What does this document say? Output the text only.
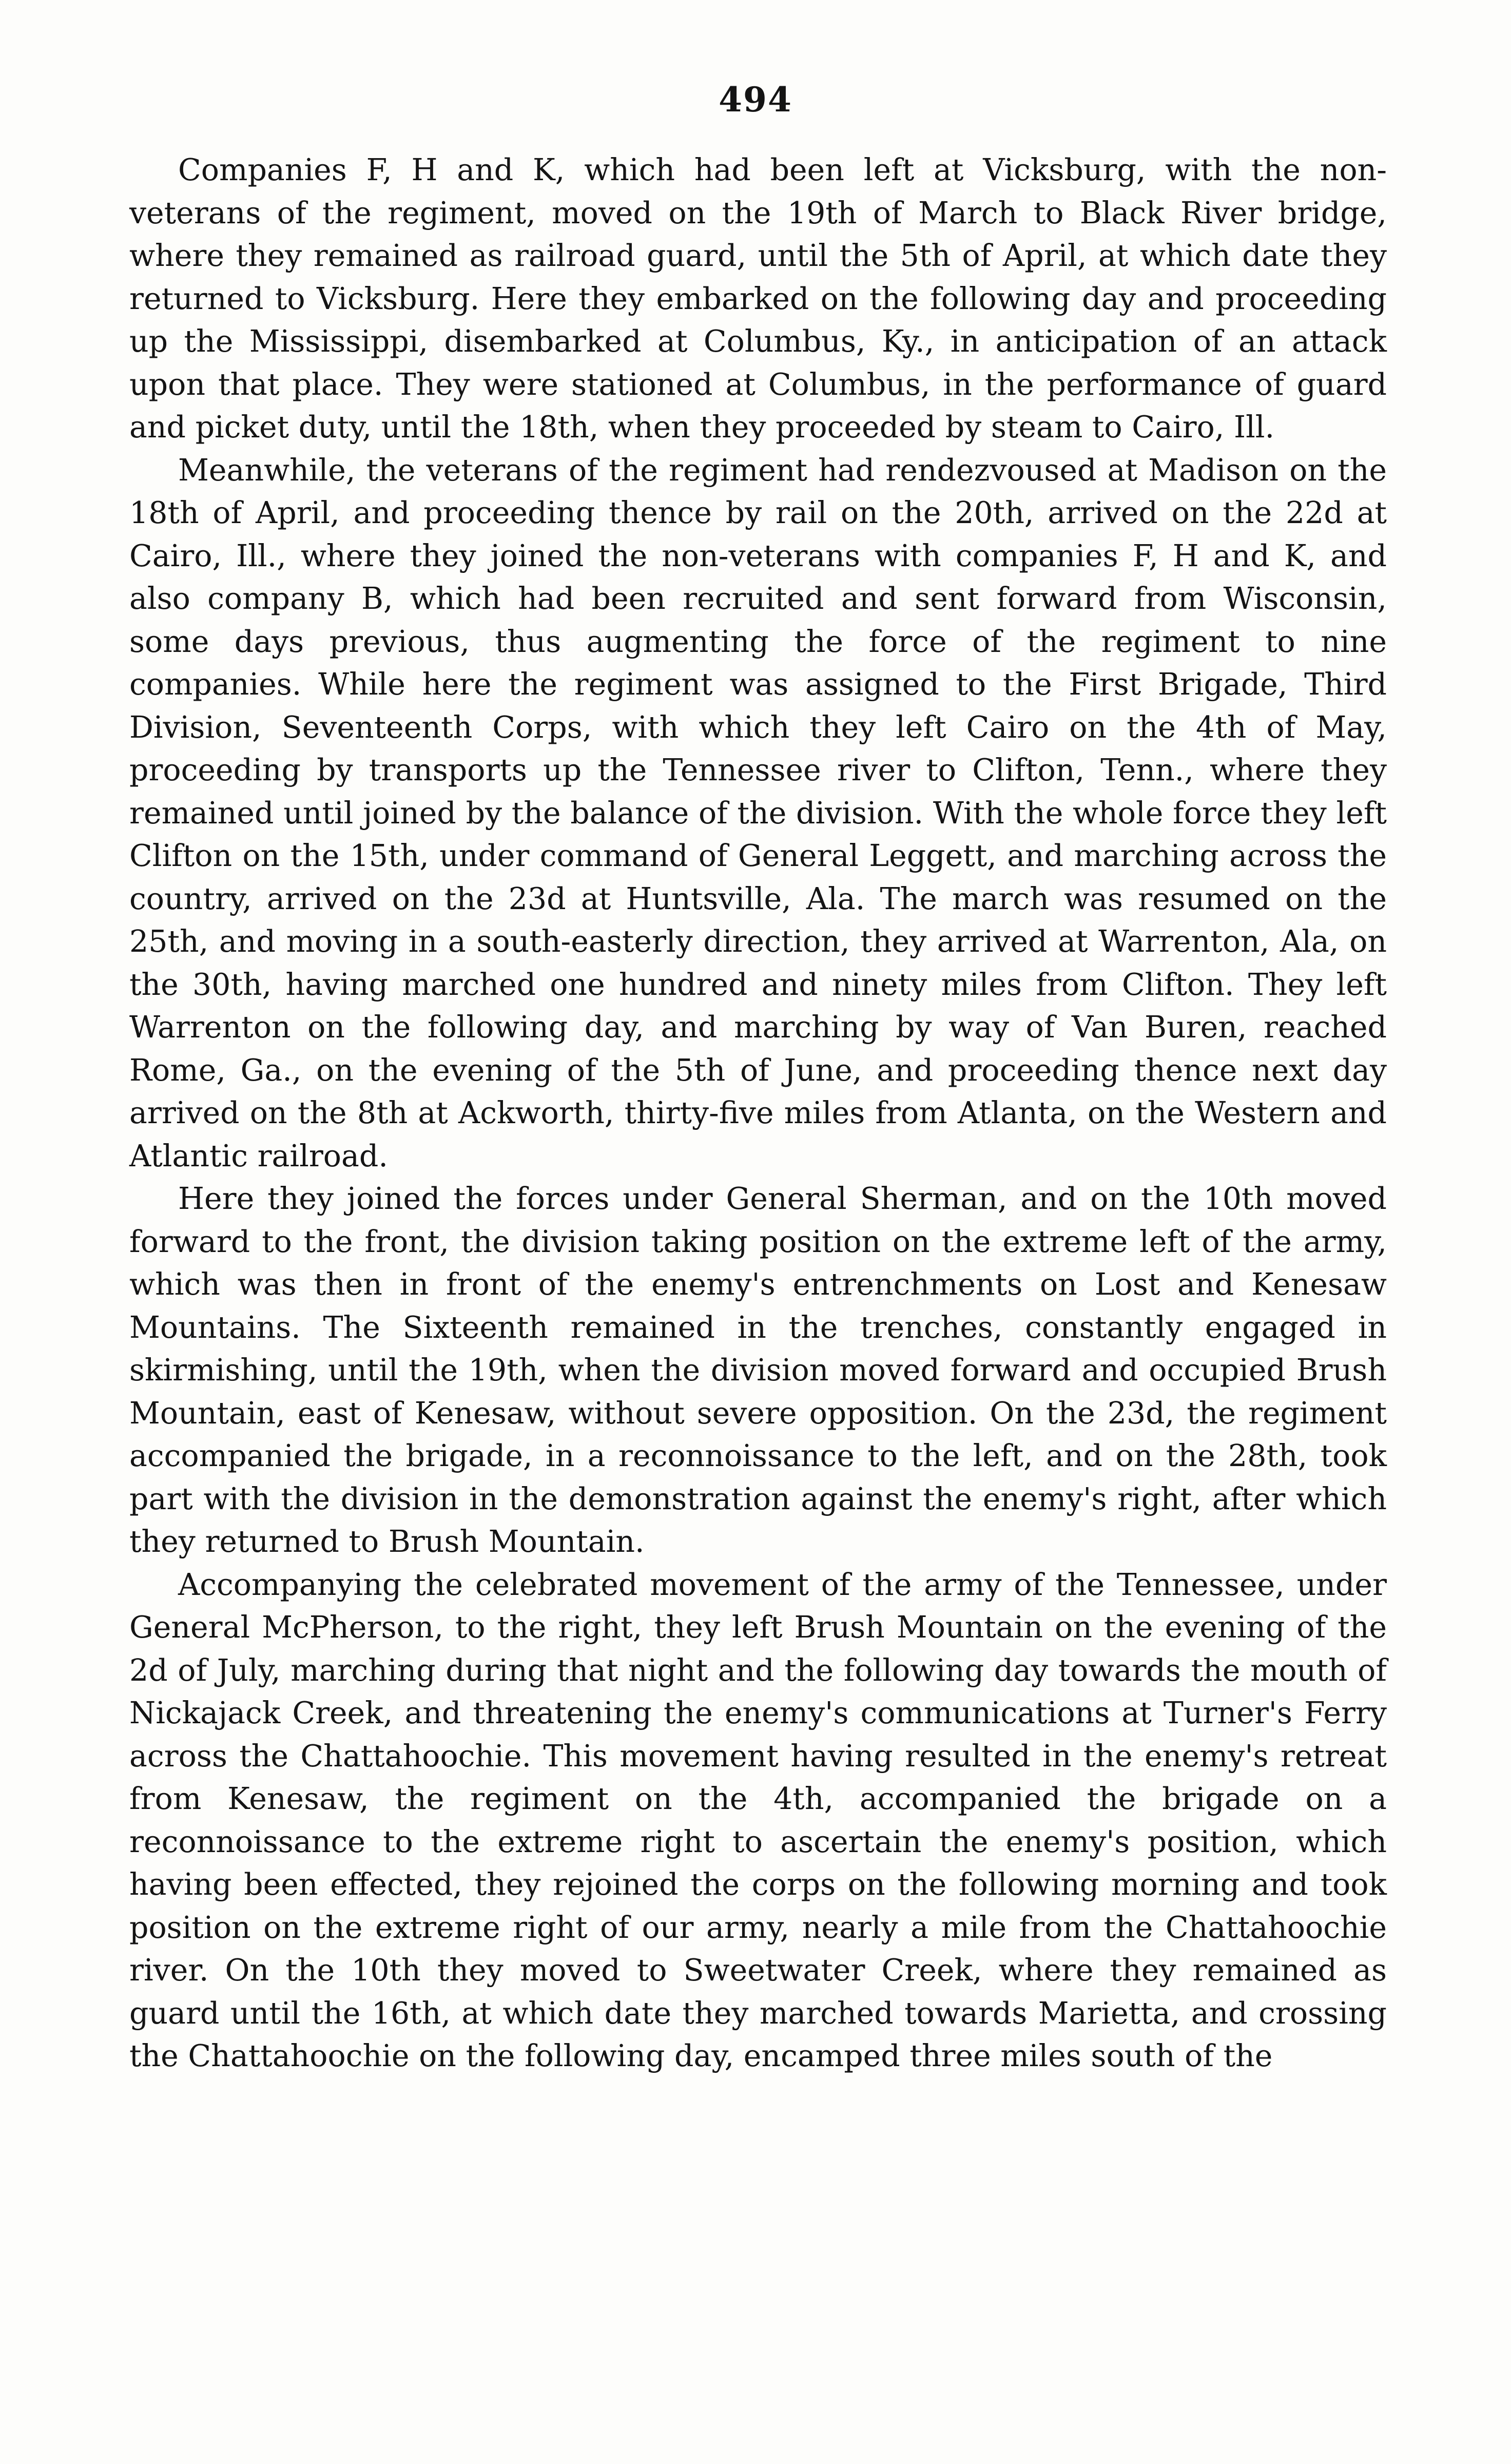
494

Companies F, H and K, which had been left at Vicksburg, with the non-veterans of the regiment, moved on the 19th of March to Black River bridge, where they remained as railroad guard, until the 5th of April, at which date they returned to Vicksburg. Here they embarked on the following day and proceeding up the Mississippi, disembarked at Columbus, Ky., in anticipation of an attack upon that place. They were stationed at Columbus, in the performance of guard and picket duty, until the 18th, when they proceeded by steam to Cairo, Ill.

Meanwhile, the veterans of the regiment had rendezvoused at Madison on the 18th of April, and proceeding thence by rail on the 20th, arrived on the 22d at Cairo, Ill., where they joined the non-veterans with companies F, H and K, and also company B, which had been recruited and sent forward from Wisconsin, some days previous, thus augmenting the force of the regiment to nine companies. While here the regiment was assigned to the First Brigade, Third Division, Seventeenth Corps, with which they left Cairo on the 4th of May, proceeding by transports up the Tennessee river to Clifton, Tenn., where they remained until joined by the balance of the division. With the whole force they left Clifton on the 15th, under command of General Leggett, and marching across the country, arrived on the 23d at Huntsville, Ala. The march was resumed on the 25th, and moving in a south-easterly direction, they arrived at Warrenton, Ala, on the 30th, having marched one hundred and ninety miles from Clifton. They left Warrenton on the following day, and marching by way of Van Buren, reached Rome, Ga., on the evening of the 5th of June, and proceeding thence next day arrived on the 8th at Ackworth, thirty-five miles from Atlanta, on the Western and Atlantic railroad.

Here they joined the forces under General Sherman, and on the 10th moved forward to the front, the division taking position on the extreme left of the army, which was then in front of the enemy's entrenchments on Lost and Kenesaw Mountains. The Sixteenth remained in the trenches, constantly engaged in skirmishing, until the 19th, when the division moved forward and occupied Brush Mountain, east of Kenesaw, without severe opposition. On the 23d, the regiment accompanied the brigade, in a reconnoissance to the left, and on the 28th, took part with the division in the demonstration against the enemy's right, after which they returned to Brush Mountain.

Accompanying the celebrated movement of the army of the Tennessee, under General McPherson, to the right, they left Brush Mountain on the evening of the 2d of July, marching during that night and the following day towards the mouth of Nickajack Creek, and threatening the enemy's communications at Turner's Ferry across the Chattahoochie. This movement having resulted in the enemy's retreat from Kenesaw, the regiment on the 4th, accompanied the brigade on a reconnoissance to the extreme right to ascertain the enemy's position, which having been effected, they rejoined the corps on the following morning and took position on the extreme right of our army, nearly a mile from the Chattahoochie river. On the 10th they moved to Sweetwater Creek, where they remained as guard until the 16th, at which date they marched towards Marietta, and crossing the Chattahoochie on the following day, encamped three miles south of the
